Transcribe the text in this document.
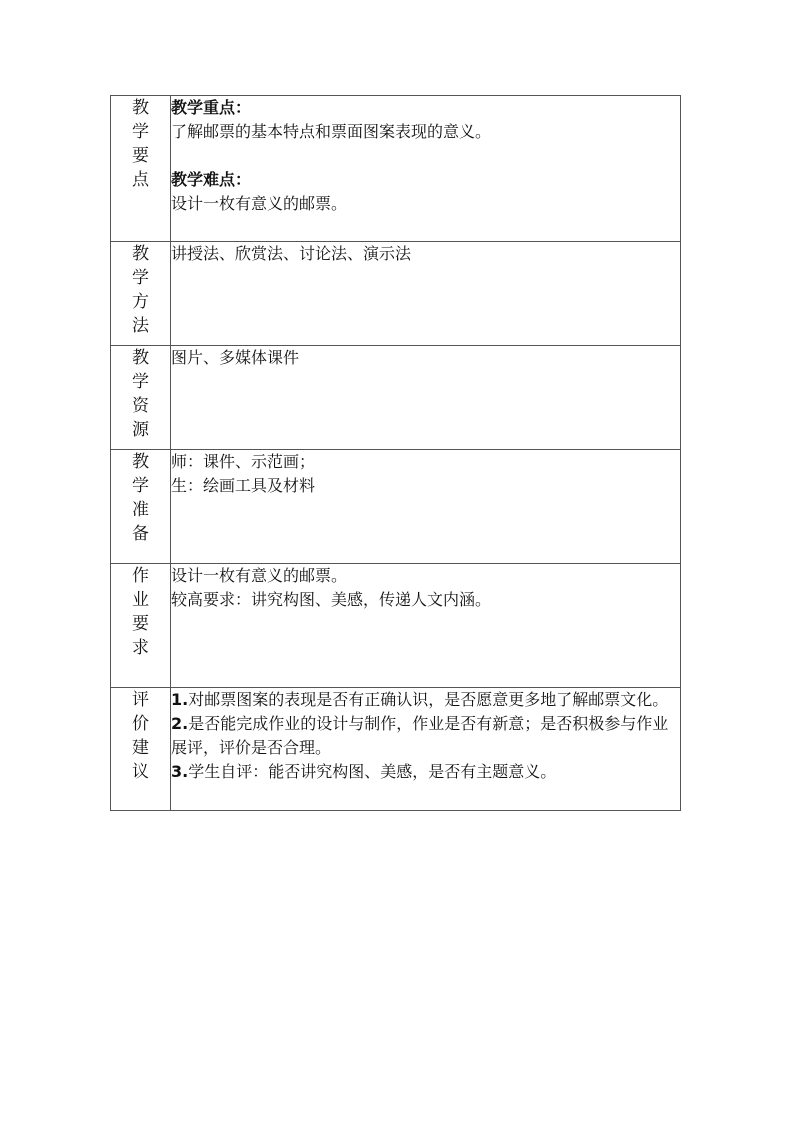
教
学
要
点	教学重点：
了解邮票的基本特点和票面图案表现的意义。
教学难点：
设计一枚有意义的邮票。

教
学
方
法	讲授法、欣赏法、讨论法、演示法

教
学
资
源	图片、多媒体课件

教
学
准
备	师：课件、示范画；
生：绘画工具及材料

作
业
要
求	设计一枚有意义的邮票。
较高要求：讲究构图、美感，传递人文内涵。

评
价
建
议	1.对邮票图案的表现是否有正确认识，是否愿意更多地了解邮票文化。
2.是否能完成作业的设计与制作，作业是否有新意；是否积极参与作业展评，评价是否合理。
3.学生自评：能否讲究构图、美感，是否有主题意义。
